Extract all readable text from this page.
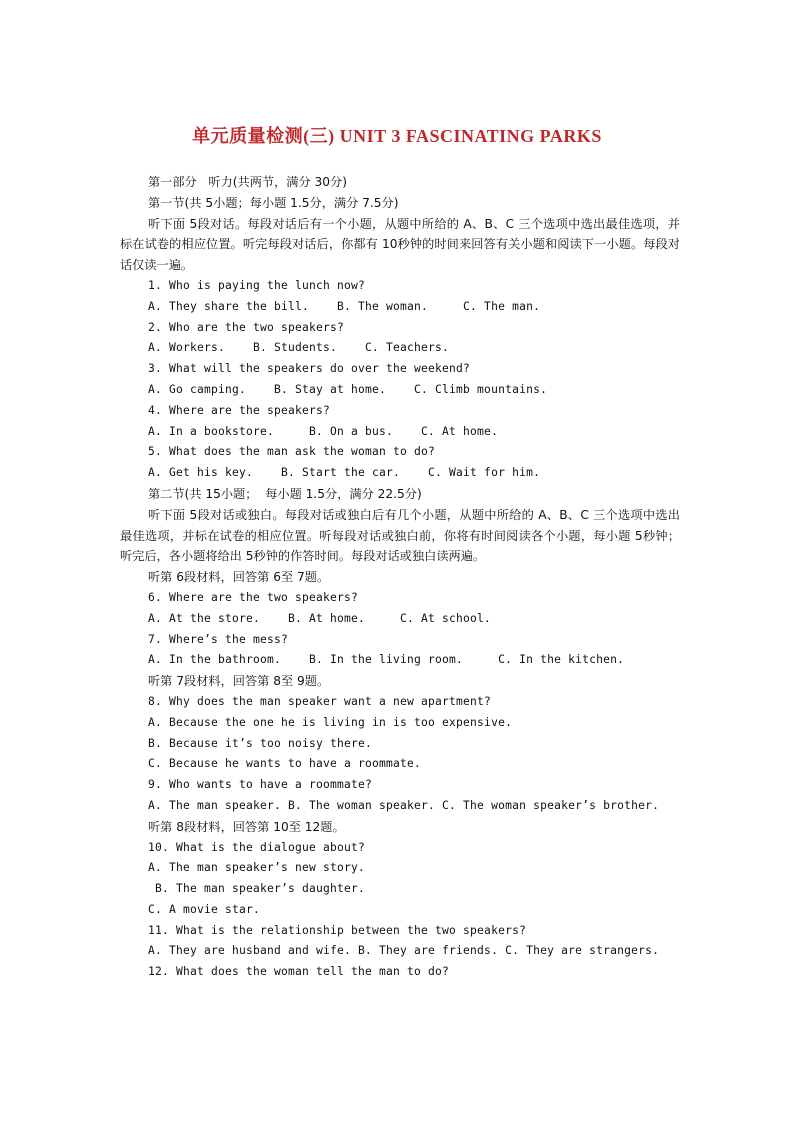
单元质量检测(三) UNIT 3 FASCINATING PARKS
第一部分   听力(共两节，满分 30分)
第一节(共 5小题；每小题 1.5分，满分 7.5分)
听下面 5段对话。每段对话后有一个小题，从题中所给的 A、B、C 三个选项中选出最佳选项，并标在试卷的相应位置。听完每段对话后，你都有 10秒钟的时间来回答有关小题和阅读下一小题。每段对话仅读一遍。
1. Who is paying the lunch now?
A. They share the bill.    B. The woman.     C. The man.
2. Who are the two speakers?
A. Workers.    B. Students.    C. Teachers.
3. What will the speakers do over the weekend?
A. Go camping.    B. Stay at home.    C. Climb mountains.
4. Where are the speakers?
A. In a bookstore.     B. On a bus.    C. At home.
5. What does the man ask the woman to do?
A. Get his key.    B. Start the car.    C. Wait for him.
第二节(共 15小题；  每小题 1.5分，满分 22.5分)
听下面 5段对话或独白。每段对话或独白后有几个小题，从题中所给的 A、B、C 三个选项中选出最佳选项，并标在试卷的相应位置。听每段对话或独白前，你将有时间阅读各个小题，每小题 5秒钟； 听完后，各小题将给出 5秒钟的作答时间。每段对话或独白读两遍。
听第 6段材料，回答第 6至 7题。
6. Where are the two speakers?
A. At the store.    B. At home.     C. At school.
7. Where’s the mess?
A. In the bathroom.    B. In the living room.     C. In the kitchen.
听第 7段材料，回答第 8至 9题。
8. Why does the man speaker want a new apartment?
A. Because the one he is living in is too expensive.
B. Because it’s too noisy there.
C. Because he wants to have a roommate.
9. Who wants to have a roommate?
A. The man speaker. B. The woman speaker. C. The woman speaker’s brother.
听第 8段材料，回答第 10至 12题。
10. What is the dialogue about?
A. The man speaker’s new story.
B. The man speaker’s daughter.
C. A movie star.
11. What is the relationship between the two speakers?
A. They are husband and wife. B. They are friends. C. They are strangers.
12. What does the woman tell the man to do?
